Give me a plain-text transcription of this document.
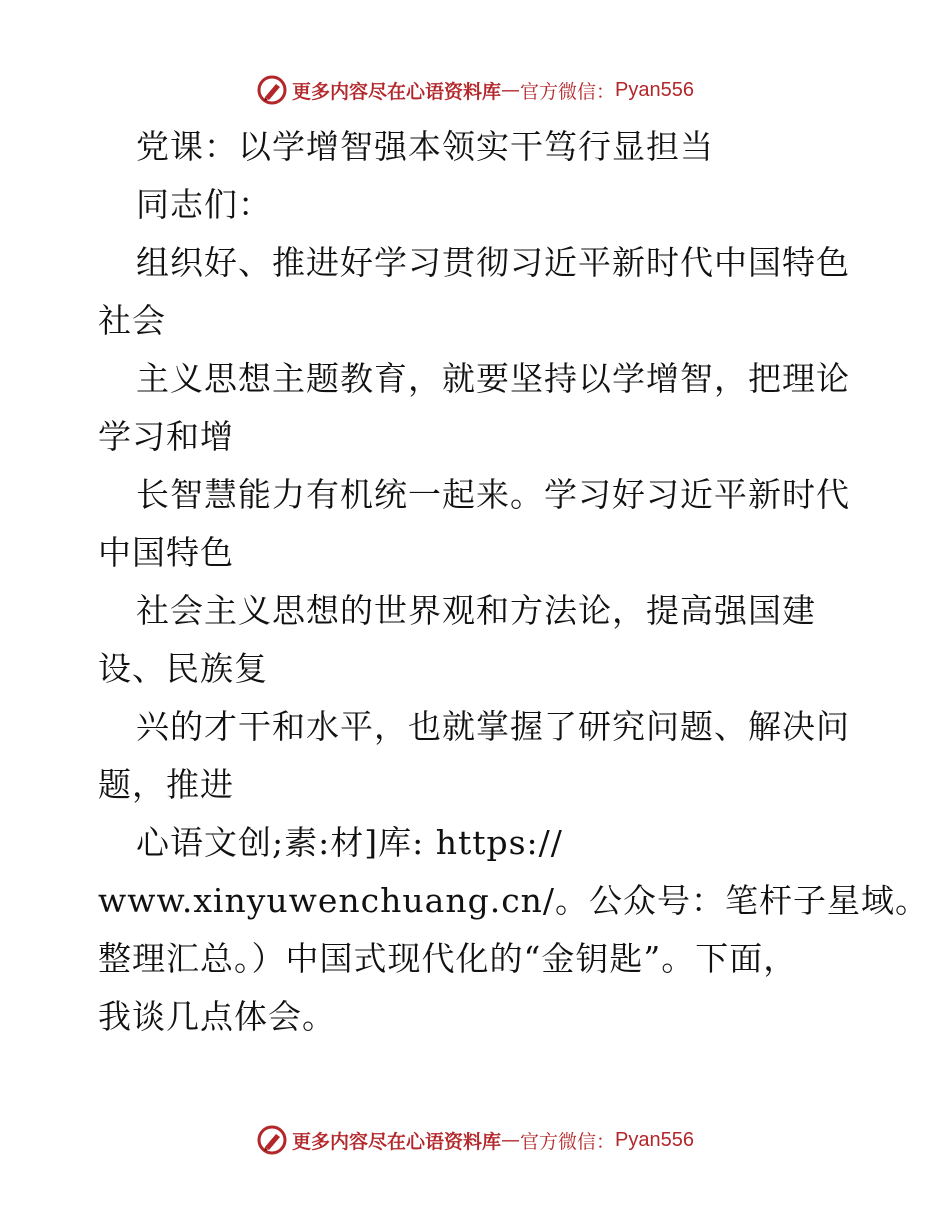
更多内容尽在心语资料库 — 官方微信： Pyan556
党课：以学增智强本领实干笃行显担当
同志们：
组织好、推进好学习贯彻习近平新时代中国特色
社会
主义思想主题教育，就要坚持以学增智，把理论
学习和增
长智慧能力有机统一起来。学习好习近平新时代
中国特色
社会主义思想的世界观和方法论，提高强国建
设、民族复
兴的才干和水平，也就掌握了研究问题、解决问
题，推进
心语文创;素:材]库: https://
www.xinyuwenchuang.cn/。公众号：笔杆子星域。
整理汇总。）中国式现代化的“金钥匙”。下面，
我谈几点体会。
更多内容尽在心语资料库 — 官方微信： Pyan556
